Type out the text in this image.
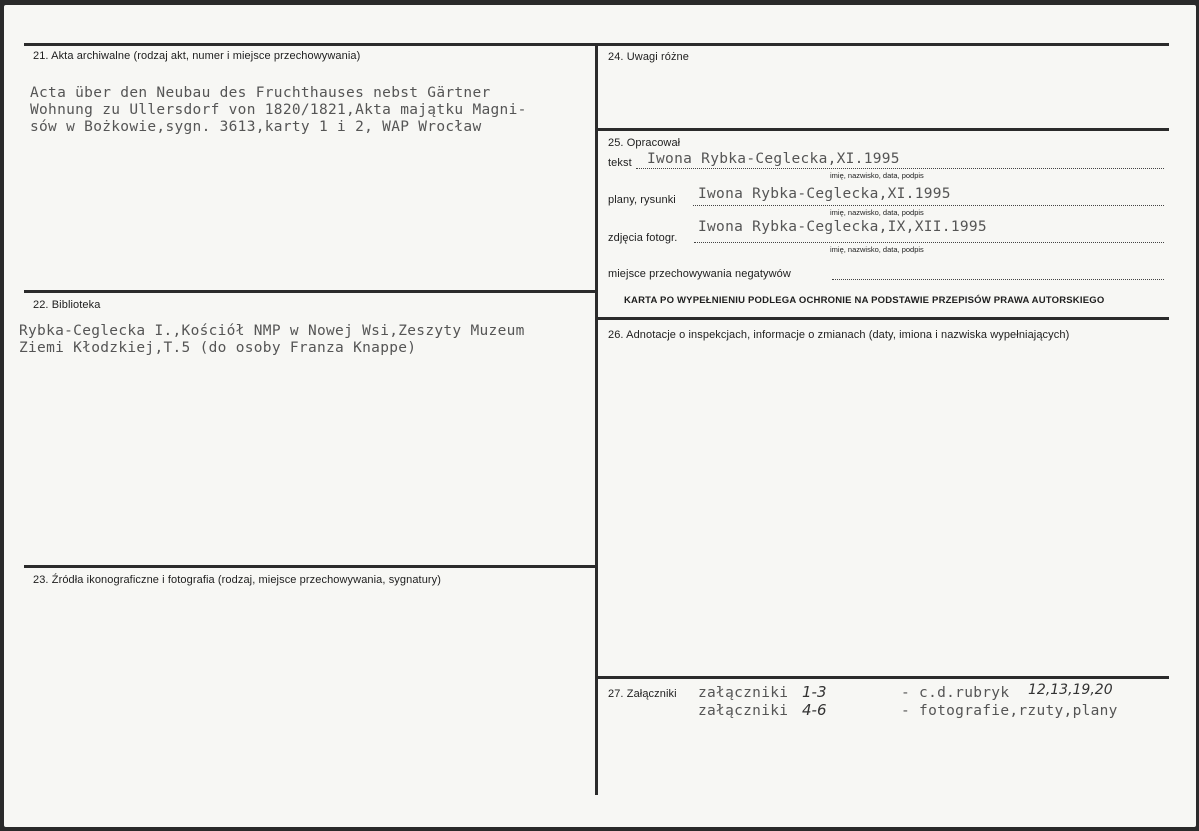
21. Akta archiwalne (rodzaj akt, numer i miejsce przechowywania)
Acta über den Neubau des Fruchthauses nebst Gärtner
Wohnung zu Ullersdorf von 1820/1821,Akta majątku Magni-
sów w Bożkowie,sygn. 3613,karty 1 i 2, WAP Wrocław
22. Biblioteka
Rybka-Ceglecka I.,Kościół NMP w Nowej Wsi,Zeszyty Muzeum
Ziemi Kłodzkiej,T.5 (do osoby Franza Knappe)
23. Źródła ikonograficzne i fotografia (rodzaj, miejsce przechowywania, sygnatury)
24. Uwagi różne
25. Opracował
tekst Iwona Rybka-Ceglecka,XI.1995
imię, nazwisko, data, podpis
plany, rysunki Iwona Rybka-Ceglecka,XI.1995
imię, nazwisko, data, podpis
zdjęcia fotogr.
Iwona Rybka-Ceglecka,IX,XII.1995
imię, nazwisko, data, podpis
miejsce przechowywania negatywów
KARTA PO WYPEŁNIENIU PODLEGA OCHRONIE NA PODSTAWIE PRZEPISÓW PRAWA AUTORSKIEGO
26. Adnotacje o inspekcjach, informacje o zmianach (daty, imiona i nazwiska wypełniających)
27. Załączniki załączniki 1-3	- c.d.rubryk 12,13,19,20
załączniki 4-6	- fotografie,rzuty,plany
